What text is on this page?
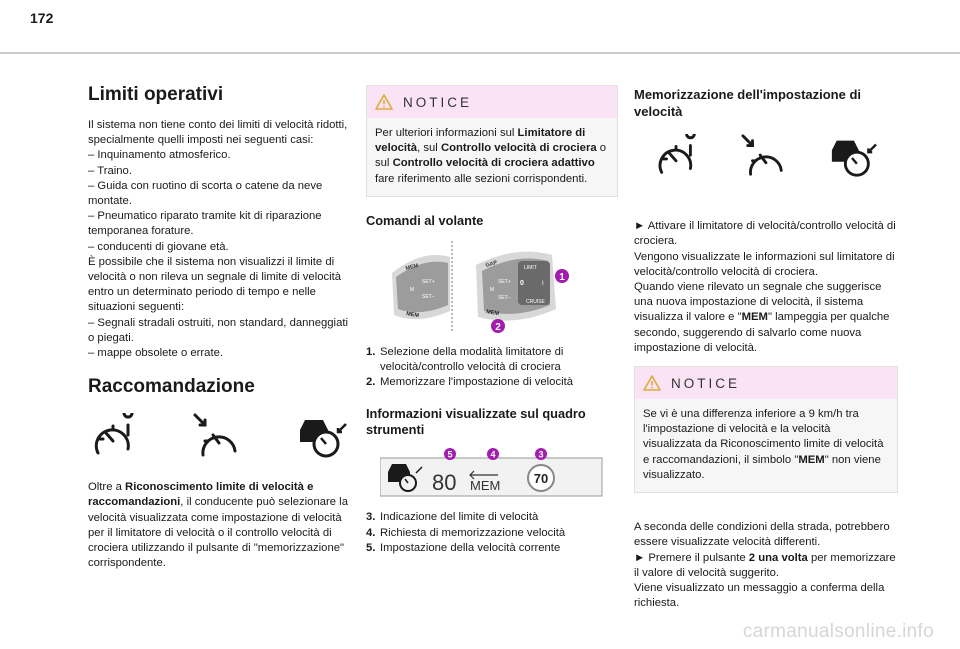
172
Limiti operativi
Il sistema non tiene conto dei limiti di velocità ridotti, specialmente quelli imposti nei seguenti casi:
– Inquinamento atmosferico.
– Traino.
– Guida con ruotino di scorta o catene da neve montate.
– Pneumatico riparato tramite kit di riparazione temporanea forature.
– conducenti di giovane età.
È possibile che il sistema non visualizzi il limite di velocità o non rileva un segnale di limite di velocità entro un determinato periodo di tempo e nelle situazioni seguenti:
– Segnali stradali ostruiti, non standard, danneggiati o piegati.
– mappe obsolete o errate.
Raccomandazione

Oltre a Riconoscimento limite di velocità e raccomandazioni, il conducente può selezionare la velocità visualizzata come impostazione di velocità per il limitatore di velocità o il controllo velocità di crociera utilizzando il pulsante di "memorizzazione" corrispondente.

NOTICE
Per ulteriori informazioni sul Limitatore di velocità, sul Controllo velocità di crociera o sul Controllo velocità di crociera adattivo fare riferimento alle sezioni corrispondenti.
Comandi al volante
MEM
SET+
M
SET–
MEM
GAP	LIMIT
0	I
M
SET+
SET–
CRUISE
MEM
1
2
1. Selezione della modalità limitatore di velocità/controllo velocità di crociera
2. Memorizzare l'impostazione di velocità
Informazioni visualizzate sul quadro strumenti
80 MEM	70
5	4	3
3. Indicazione del limite di velocità
4. Richiesta di memorizzazione velocità
5. Impostazione della velocità corrente
Memorizzazione dell'impostazione di velocità

► Attivare il limitatore di velocità/controllo velocità di crociera.
Vengono visualizzate le informazioni sul limitatore di velocità/controllo velocità di crociera.
Quando viene rilevato un segnale che suggerisce una nuova impostazione di velocità, il sistema visualizza il valore e "MEM" lampeggia per qualche secondo, suggerendo di salvarlo come nuova impostazione di velocità.

NOTICE
Se vi è una differenza inferiore a 9 km/h tra l'impostazione di velocità e la velocità visualizzata da Riconoscimento limite di velocità e raccomandazioni, il simbolo "MEM" non viene visualizzato.

A seconda delle condizioni della strada, potrebbero essere visualizzate velocità differenti.
► Premere il pulsante 2 una volta per memorizzare il valore di velocità suggerito.
Viene visualizzato un messaggio a conferma della richiesta.

carmanualsonline.info
